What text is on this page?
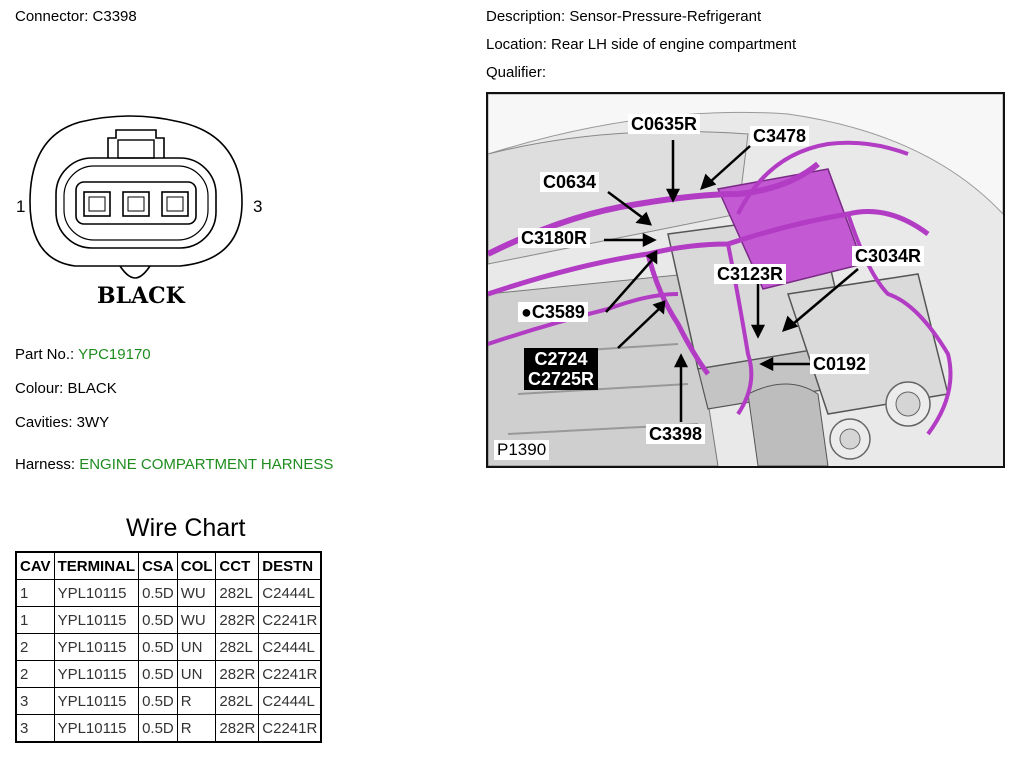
Connector: C3398	Description: Sensor-Pressure-Refrigerant
Location: Rear LH side of engine compartment
Qualifier:
1	3
BLACK
Part No.: YPC19170
Colour: BLACK
Cavities: 3WY
Harness: ENGINE COMPARTMENT HARNESS
C0635R
C3478
C0634
C3180R
C3123R
C3034R
●C3589
C2724
C2725R
C0192
C3398
P1390
Wire Chart
CAV	TERMINAL	CSA	COL	CCT	DESTN
1	YPL10115	0.5D	WU	282L	C2444L
1	YPL10115	0.5D	WU	282R	C2241R
2	YPL10115	0.5D	UN	282L	C2444L
2	YPL10115	0.5D	UN	282R	C2241R
3	YPL10115	0.5D	R	282L	C2444L
3	YPL10115	0.5D	R	282R	C2241R
